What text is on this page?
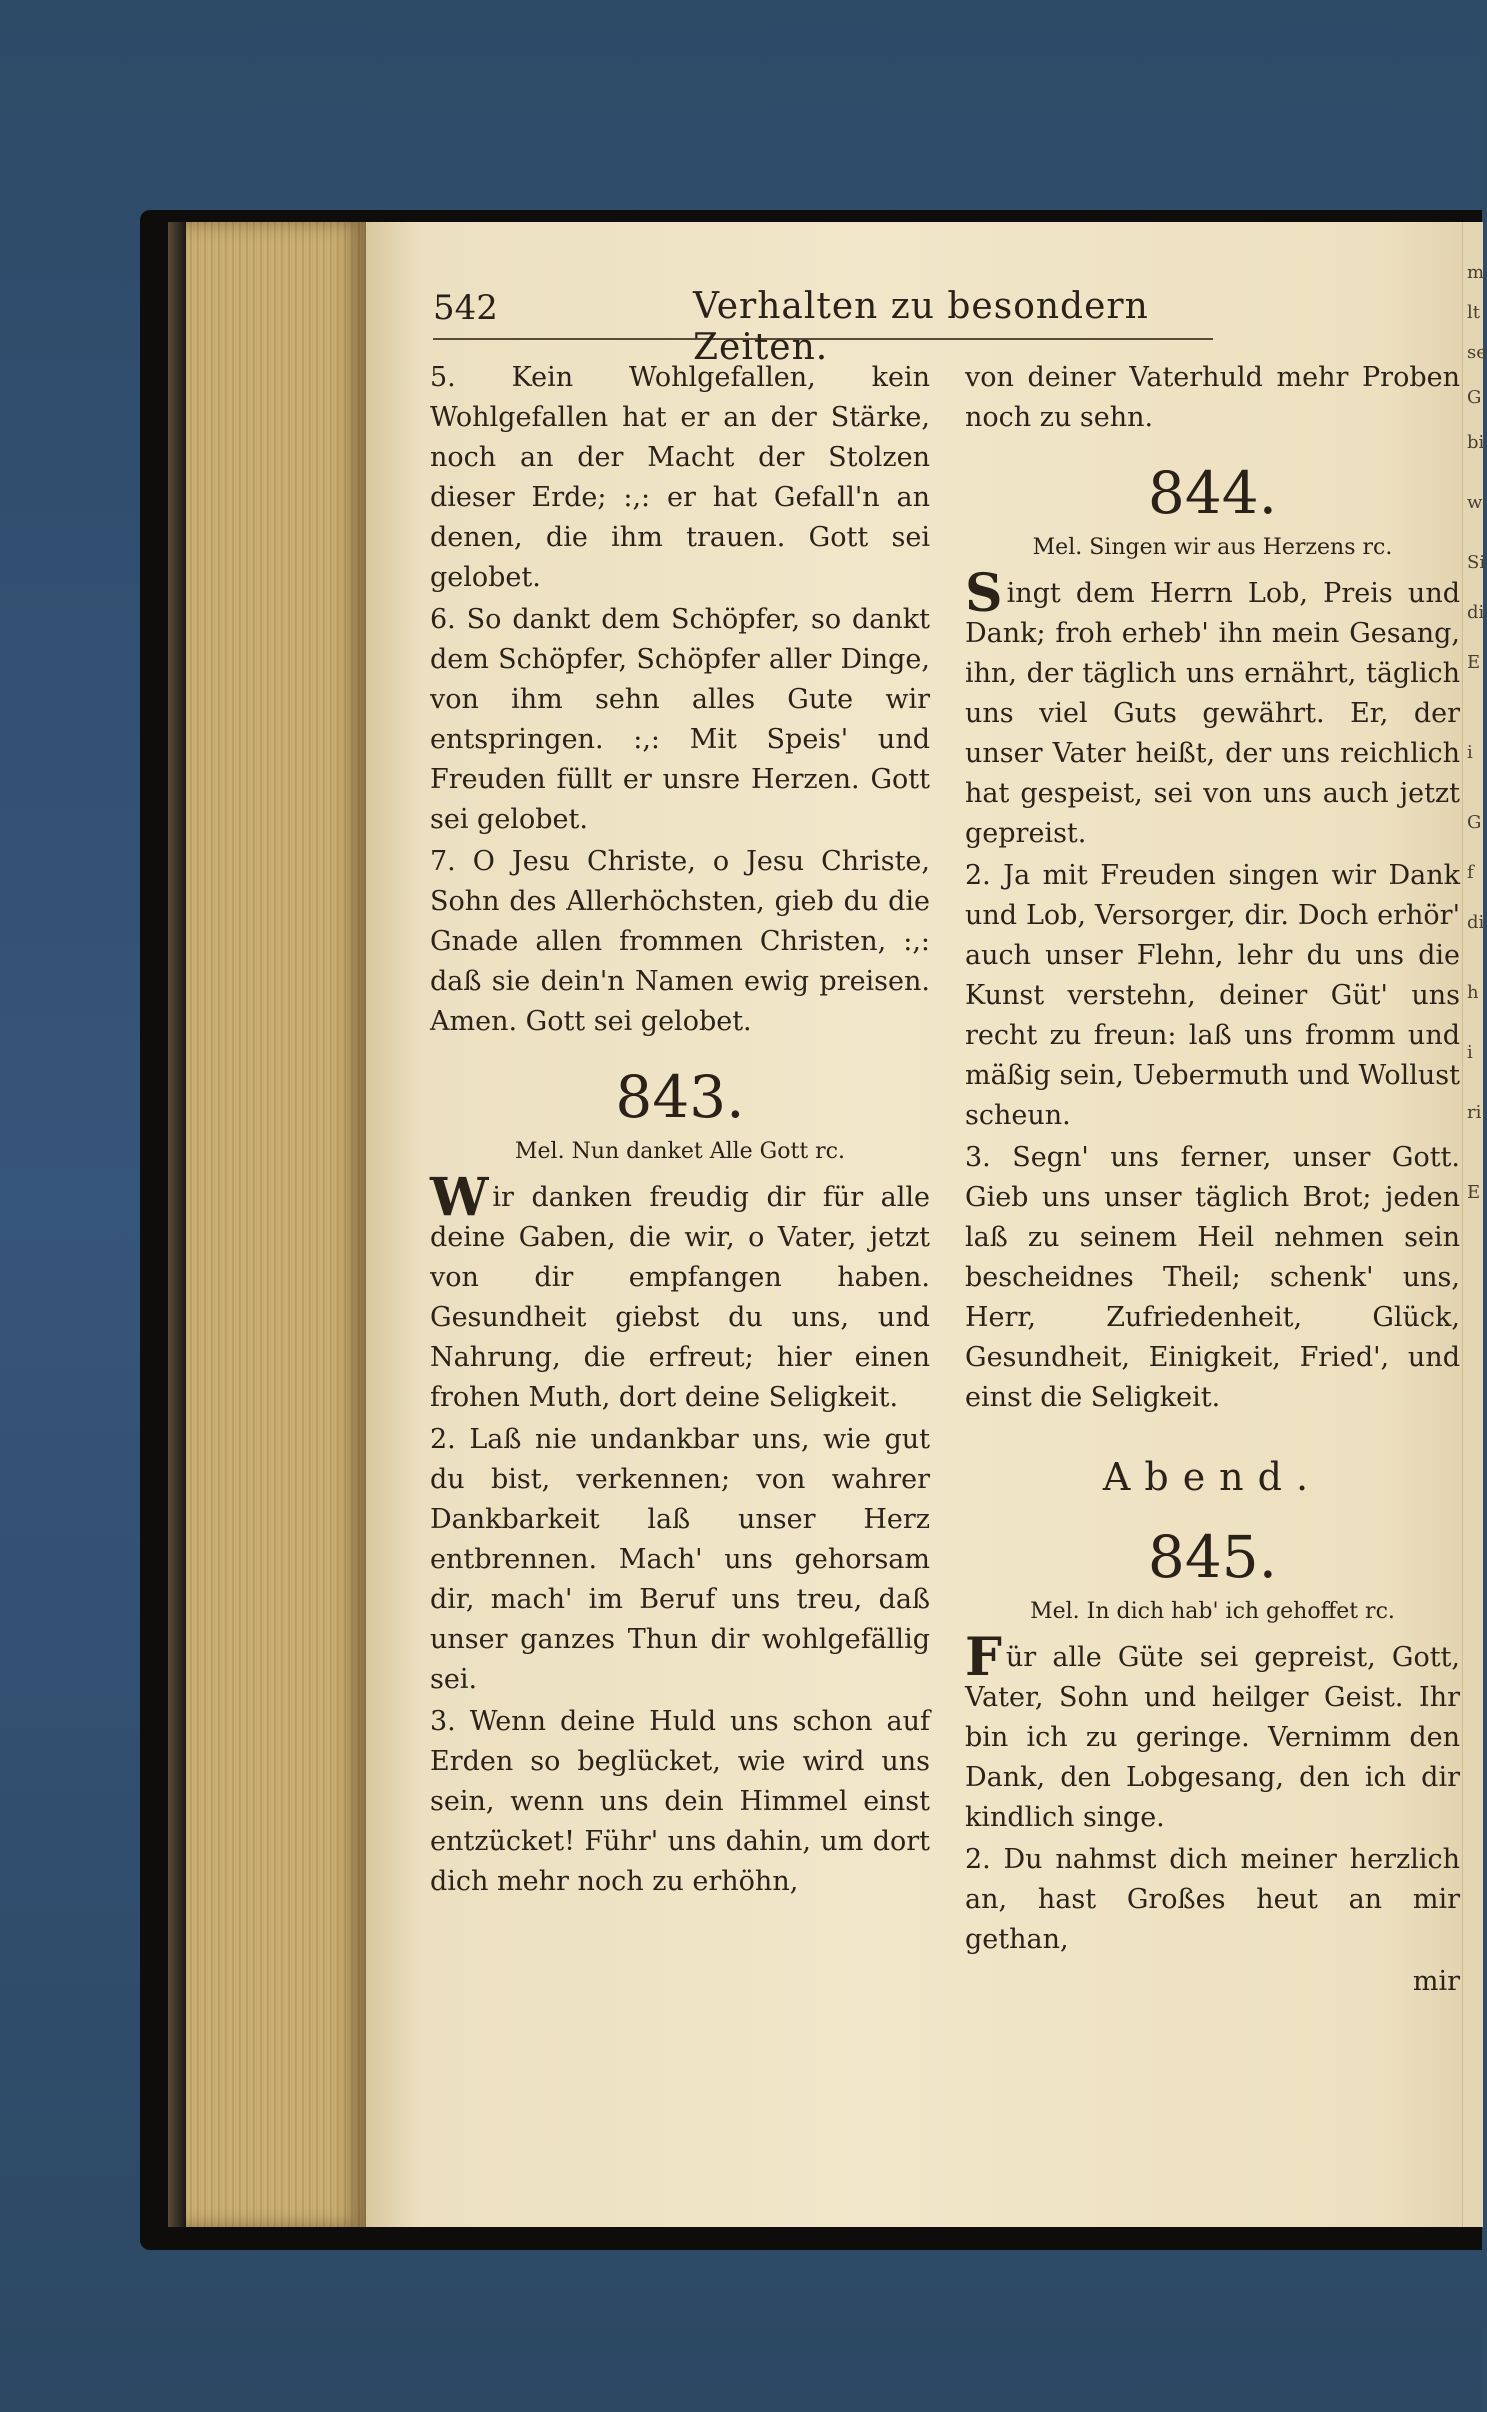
m
lt
se
G
bi
w
Si
di
E
i
G
f
di
h
i
ri
E
542	Verhalten zu besondern Zeiten.

5. Kein Wohlgefallen, kein Wohlgefallen hat er an der Stärke, noch an der Macht der Stolzen dieser Erde; :,: er hat Gefall'n an denen, die ihm trauen. Gott sei gelobet.

6. So dankt dem Schöpfer, so dankt dem Schöpfer, Schöpfer aller Dinge, von ihm sehn alles Gute wir entspringen. :,: Mit Speis' und Freuden füllt er unsre Herzen. Gott sei gelobet.

7. O Jesu Christe, o Jesu Christe, Sohn des Allerhöchsten, gieb du die Gnade allen frommen Christen, :,: daß sie dein'n Namen ewig preisen. Amen. Gott sei gelobet.

843.
Mel. Nun danket Alle Gott rc.

Wir danken freudig dir für alle deine Gaben, die wir, o Vater, jetzt von dir empfangen haben. Gesundheit giebst du uns, und Nahrung, die erfreut; hier einen frohen Muth, dort deine Seligkeit.

2. Laß nie undankbar uns, wie gut du bist, verkennen; von wahrer Dankbarkeit laß unser Herz entbrennen. Mach' uns gehorsam dir, mach' im Beruf uns treu, daß unser ganzes Thun dir wohlgefällig sei.

3. Wenn deine Huld uns schon auf Erden so beglücket, wie wird uns sein, wenn uns dein Himmel einst entzücket! Führ' uns dahin, um dort dich mehr noch zu erhöhn,

von deiner Vaterhuld mehr Proben noch zu sehn.

844.
Mel. Singen wir aus Herzens rc.

Singt dem Herrn Lob, Preis und Dank; froh erheb' ihn mein Gesang, ihn, der täglich uns ernährt, täglich uns viel Guts gewährt. Er, der unser Vater heißt, der uns reichlich hat gespeist, sei von uns auch jetzt gepreist.

2. Ja mit Freuden singen wir Dank und Lob, Versorger, dir. Doch erhör' auch unser Flehn, lehr du uns die Kunst verstehn, deiner Güt' uns recht zu freun: laß uns fromm und mäßig sein, Uebermuth und Wollust scheun.

3. Segn' uns ferner, unser Gott. Gieb uns unser täglich Brot; jeden laß zu seinem Heil nehmen sein bescheidnes Theil; schenk' uns, Herr, Zufriedenheit, Glück, Gesundheit, Einigkeit, Fried', und einst die Seligkeit.

Abend.
845.
Mel. In dich hab' ich gehoffet rc.

Für alle Güte sei gepreist, Gott, Vater, Sohn und heilger Geist. Ihr bin ich zu geringe. Vernimm den Dank, den Lobgesang, den ich dir kindlich singe.

2. Du nahmst dich meiner herzlich an, hast Großes heut an mir gethan,

mir
